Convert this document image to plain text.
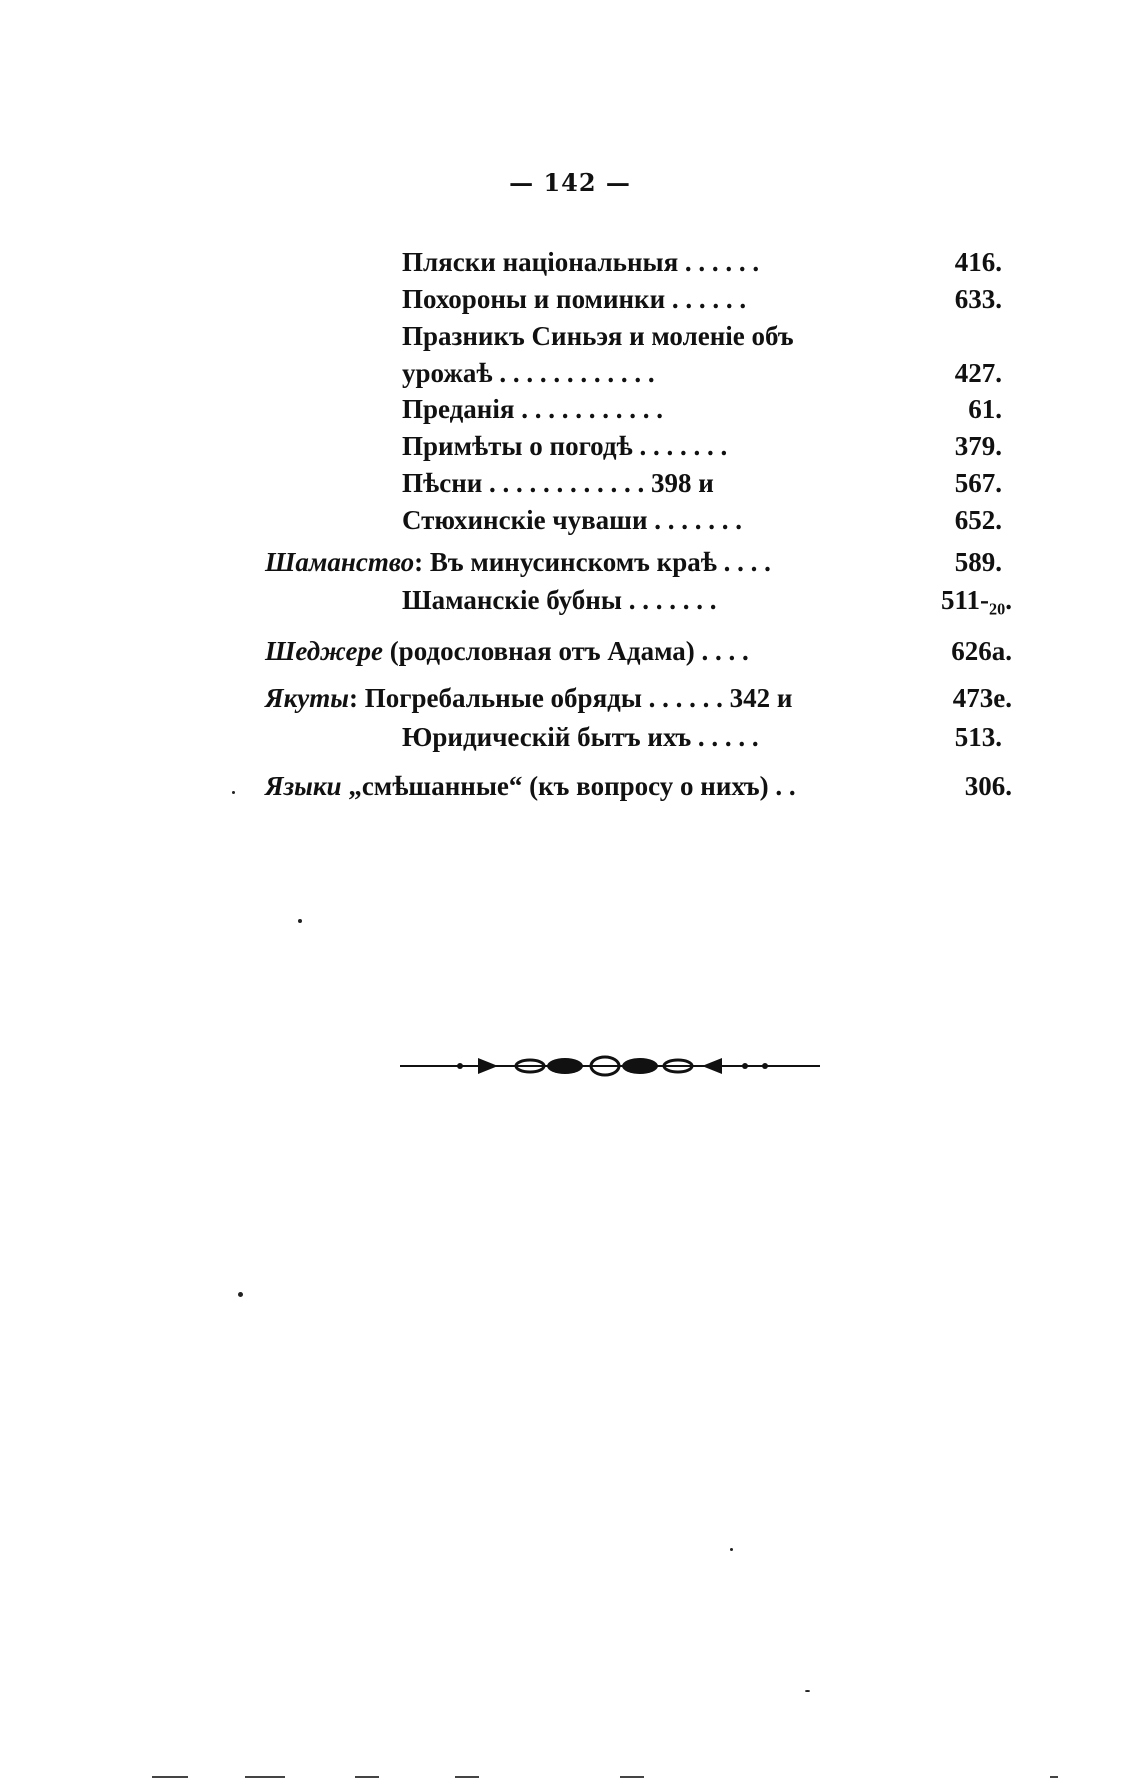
— 142 —
Пляски національныя . . . . . .	416.
Похороны и поминки . . . . . .	633.
Празникъ Синьэя и моленіе объ
урожаѣ . . . . . . . . . . . .	427.
Преданія . . . . . . . . . . .	61.
Примѣты о погодѣ . . . . . . .	379.
Пѣсни . . . . . . . . . . . . 398 и	567.
Стюхинскіе чуваши . . . . . . .	652.
Шаманство: Въ минусинскомъ краѣ . . . .	589.
Шаманскіе бубны . . . . . . .	511-₂₀.
Шеджере (родословная отъ Адама) . . . .	626а.
Якуты: Погребальные обряды . . . . . . 342 и	473е.
Юридическій бытъ ихъ . . . . .	513.
Языки „смѣшанные“ (къ вопросу о нихъ) . .	306.
